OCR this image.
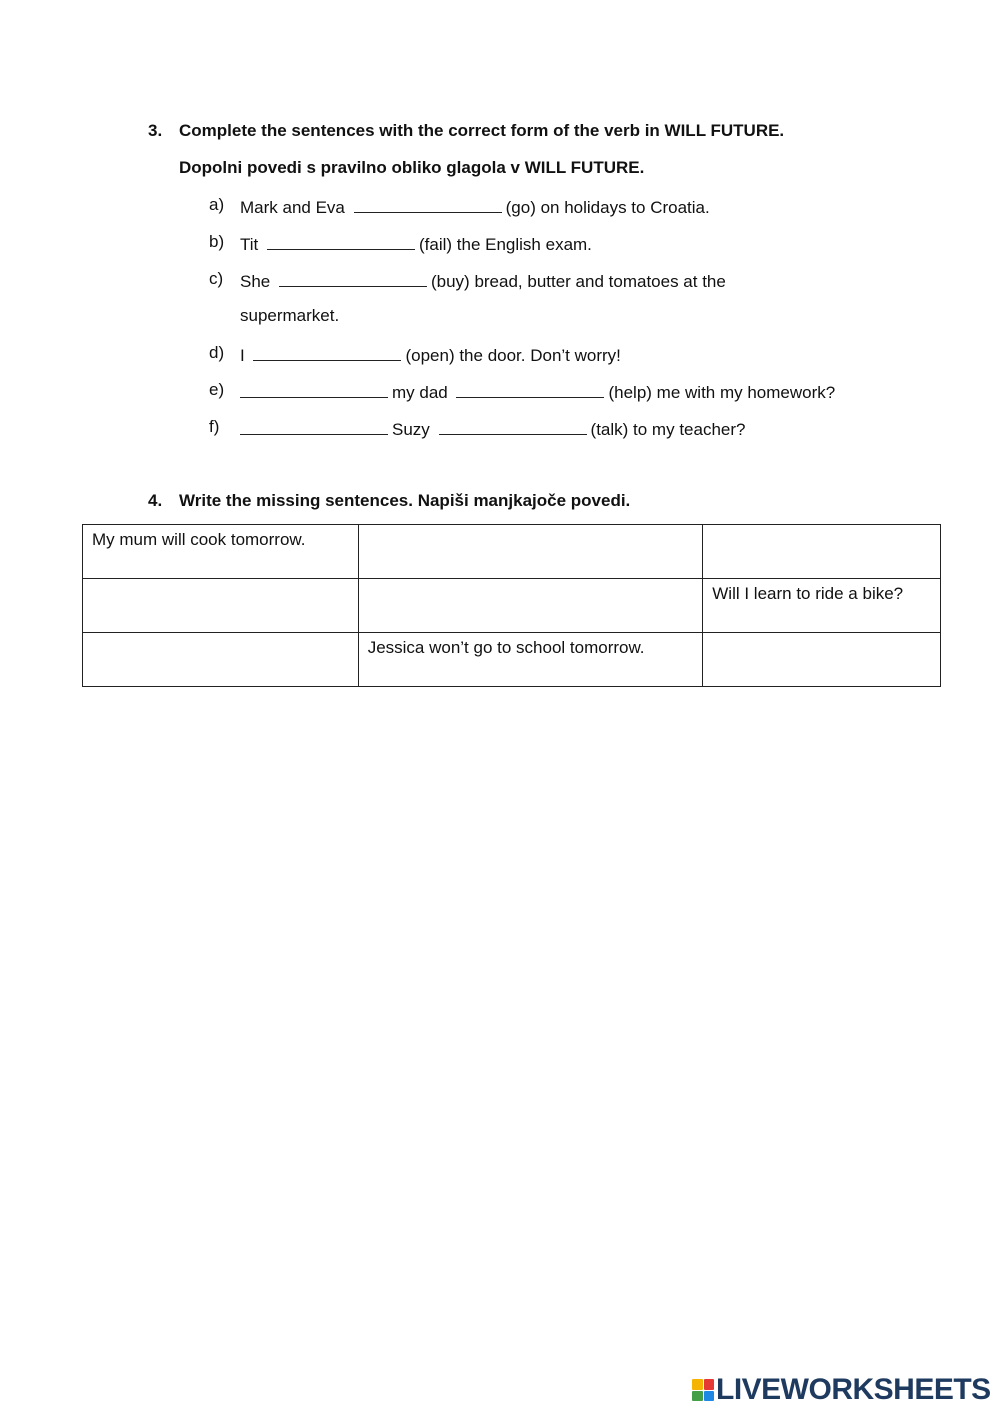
3. Complete the sentences with the correct form of the verb in WILL FUTURE.
Dopolni povedi s pravilno obliko glagola v WILL FUTURE.
a) Mark and Eva	(go) on holidays to Croatia.
b) Tit	(fail) the English exam.
c) She	(buy) bread, butter and tomatoes at the
supermarket.
d) I	(open) the door. Don’t worry!
e)	my dad	(help) me with my homework?
f)	Suzy	(talk) to my teacher?
4. Write the missing sentences. Napiši manjkajoče povedi.
My mum will cook tomorrow.		
		Will I learn to ride a bike?
	Jessica won’t go to school tomorrow.	
LIVEWORKSHEETS
